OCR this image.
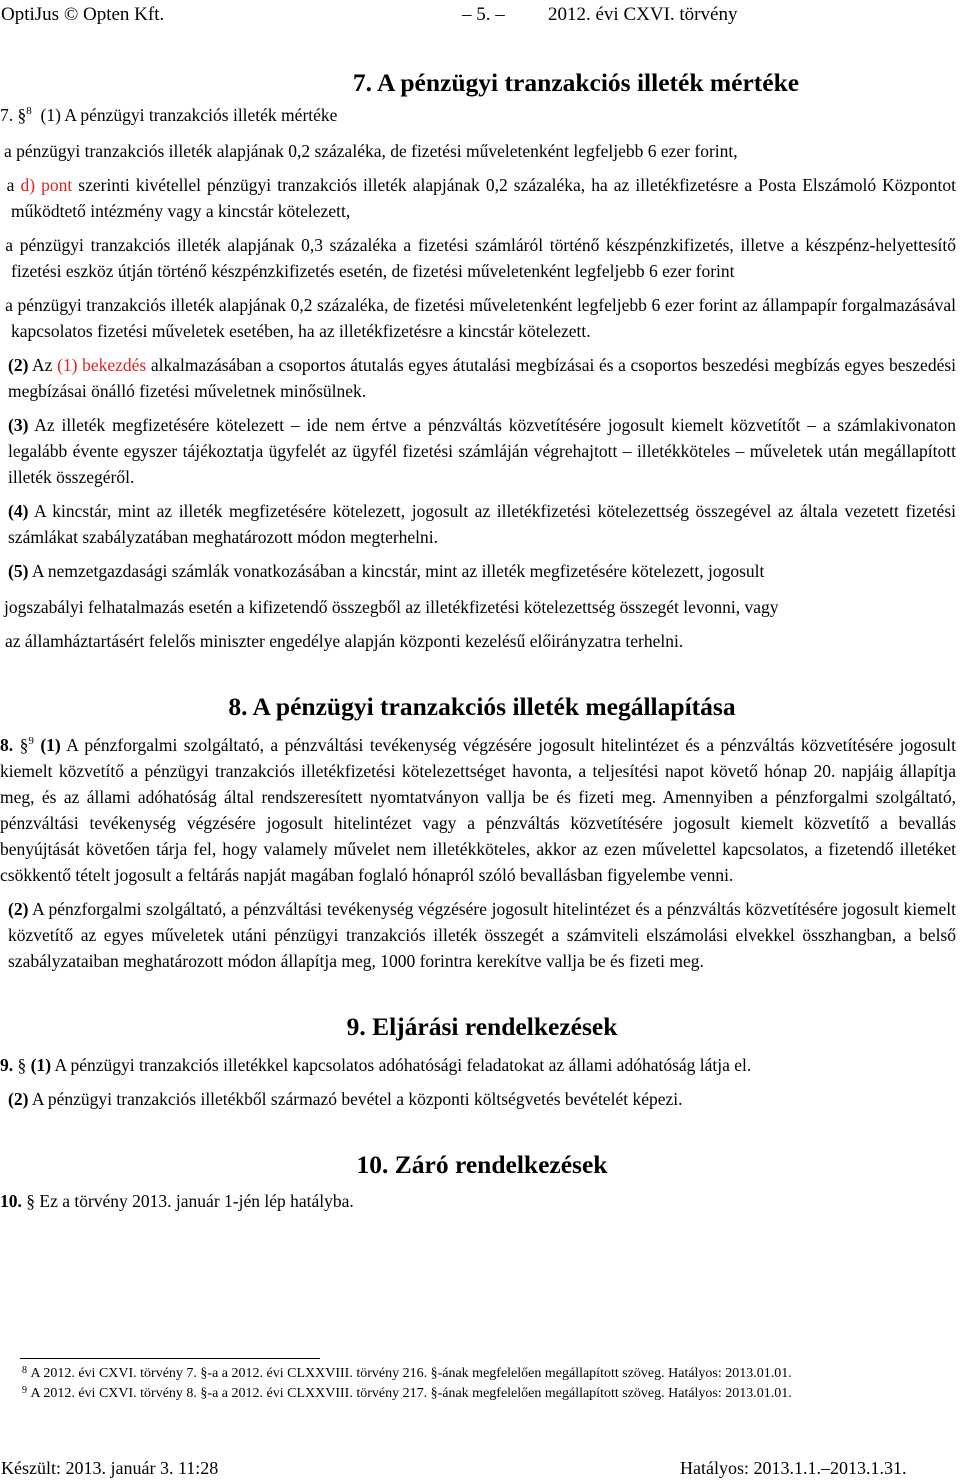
OptiJus © Opten Kft.	– 5. – 2012. évi CXVI. törvény
7. A pénzügyi tranzakciós illeték mértéke
7. §$^8$ (1) A pénzügyi tranzakciós illeték mértéke

a pénzügyi tranzakciós illeték alapjának 0,2 százaléka, de fizetési műveletenként legfeljebb 6 ezer forint,

a d) pont szerinti kivétellel pénzügyi tranzakciós illeték alapjának 0,2 százaléka, ha az illetékfizetésre a Posta Elszámoló Központot működtető intézmény vagy a kincstár kötelezett,

a pénzügyi tranzakciós illeték alapjának 0,3 százaléka a fizetési számláról történő készpénzkifizetés, illetve a készpénz-helyettesítő fizetési eszköz útján történő készpénzkifizetés esetén, de fizetési műveletenként legfeljebb 6 ezer forint

a pénzügyi tranzakciós illeték alapjának 0,2 százaléka, de fizetési műveletenként legfeljebb 6 ezer forint az állampapír forgalmazásával kapcsolatos fizetési műveletek esetében, ha az illetékfizetésre a kincstár kötelezett.

(2) Az (1) bekezdés alkalmazásában a csoportos átutalás egyes átutalási megbízásai és a csoportos beszedési megbízás egyes beszedési megbízásai önálló fizetési műveletnek minősülnek.

(3) Az illeték megfizetésére kötelezett – ide nem értve a pénzváltás közvetítésére jogosult kiemelt közvetítőt – a számlakivonaton legalább évente egyszer tájékoztatja ügyfelét az ügyfél fizetési számláján végrehajtott – illetékköteles – műveletek után megállapított illeték összegéről.

(4) A kincstár, mint az illeték megfizetésére kötelezett, jogosult az illetékfizetési kötelezettség összegével az általa vezetett fizetési számlákat szabályzatában meghatározott módon megterhelni.

(5) A nemzetgazdasági számlák vonatkozásában a kincstár, mint az illeték megfizetésére kötelezett, jogosult

jogszabályi felhatalmazás esetén a kifizetendő összegből az illetékfizetési kötelezettség összegét levonni, vagy

az államháztartásért felelős miniszter engedélye alapján központi kezelésű előirányzatra terhelni.

8. A pénzügyi tranzakciós illeték megállapítása

8. §$^9$ (1) A pénzforgalmi szolgáltató, a pénzváltási tevékenység végzésére jogosult hitelintézet és a pénzváltás közvetítésére jogosult kiemelt közvetítő a pénzügyi tranzakciós illetékfizetési kötelezettséget havonta, a teljesítési napot követő hónap 20. napjáig állapítja meg, és az állami adóhatóság által rendszeresített nyomtatványon vallja be és fizeti meg. Amennyiben a pénzforgalmi szolgáltató, pénzváltási tevékenység végzésére jogosult hitelintézet vagy a pénzváltás közvetítésére jogosult kiemelt közvetítő a bevallás benyújtását követően tárja fel, hogy valamely művelet nem illetékköteles, akkor az ezen művelettel kapcsolatos, a fizetendő illetéket csökkentő tételt jogosult a feltárás napját magában foglaló hónapról szóló bevallásban figyelembe venni.

(2) A pénzforgalmi szolgáltató, a pénzváltási tevékenység végzésére jogosult hitelintézet és a pénzváltás közvetítésére jogosult kiemelt közvetítő az egyes műveletek utáni pénzügyi tranzakciós illeték összegét a számviteli elszámolási elvekkel összhangban, a belső szabályzataiban meghatározott módon állapítja meg, 1000 forintra kerekítve vallja be és fizeti meg.

9. Eljárási rendelkezések

9. § (1) A pénzügyi tranzakciós illetékkel kapcsolatos adóhatósági feladatokat az állami adóhatóság látja el.

(2) A pénzügyi tranzakciós illetékből származó bevétel a központi költségvetés bevételét képezi.

10. Záró rendelkezések

10. § Ez a törvény 2013. január 1-jén lép hatályba.

$^8$ A 2012. évi CXVI. törvény 7. §-a a 2012. évi CLXXVIII. törvény 216. §-ának megfelelően megállapított szöveg. Hatályos: 2013.01.01.
$^9$ A 2012. évi CXVI. törvény 8. §-a a 2012. évi CLXXVIII. törvény 217. §-ának megfelelően megállapított szöveg. Hatályos: 2013.01.01.
Készült: 2013. január 3. 11:28	Hatályos: 2013.1.1.–2013.1.31.
